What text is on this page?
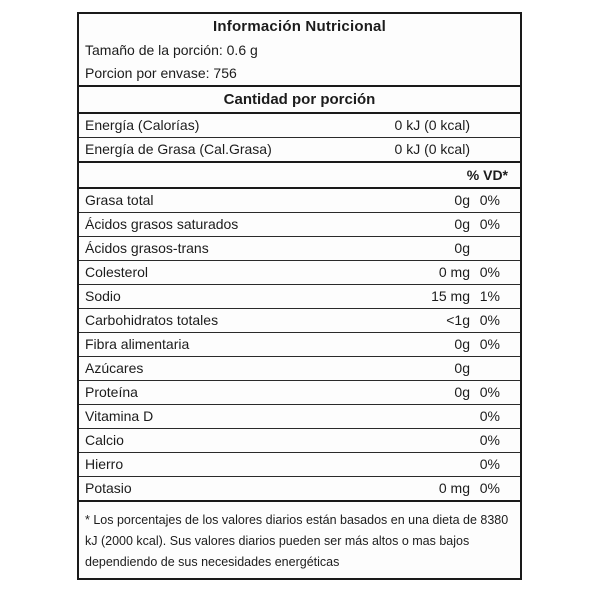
Información Nutricional
Tamaño de la porción: 0.6 g
Porcion por envase: 756
Cantidad por porción
Energía (Calorías)	0 kJ (0 kcal)
Energía de Grasa (Cal.Grasa)	0 kJ (0 kcal)
% VD*
Grasa total	0g 0%
Ácidos grasos saturados	0g 0%
Ácidos grasos-trans	0g
Colesterol	0 mg 0%
Sodio	15 mg 1%
Carbohidratos totales	<1g 0%
Fibra alimentaria	0g 0%
Azúcares	0g
Proteína	0g 0%
Vitamina D	0%
Calcio	0%
Hierro	0%
Potasio	0 mg 0%
* Los porcentajes de los valores diarios están basados en una dieta de 8380 kJ (2000 kcal). Sus valores diarios pueden ser más altos o mas bajos dependiendo de sus necesidades energéticas
